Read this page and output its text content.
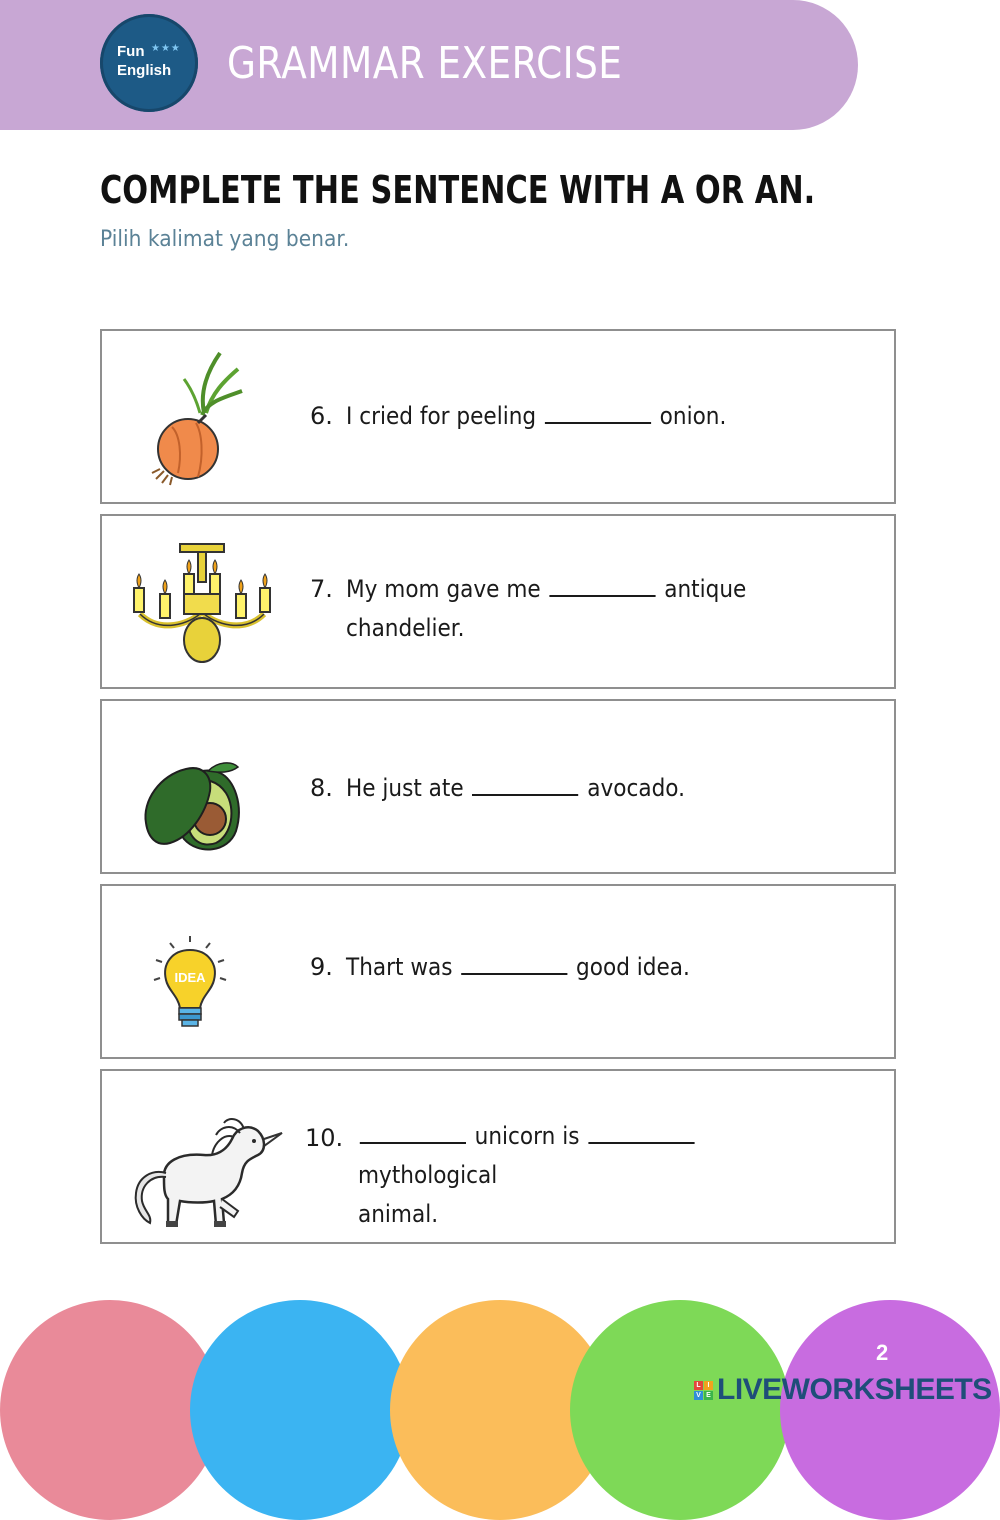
Fun ★★★
English GRAMMAR EXERCISE
COMPLETE THE SENTENCE WITH A OR AN.
Pilih kalimat yang benar.
6. I cried for peeling	onion.
7. My mom gave me	antique
chandelier.
8. He just ate	avocado.
IDEA	9. Thart was	good idea.
10.	unicorn is  mythological
animal.
2
L I
V E LIVEWORKSHEETS
